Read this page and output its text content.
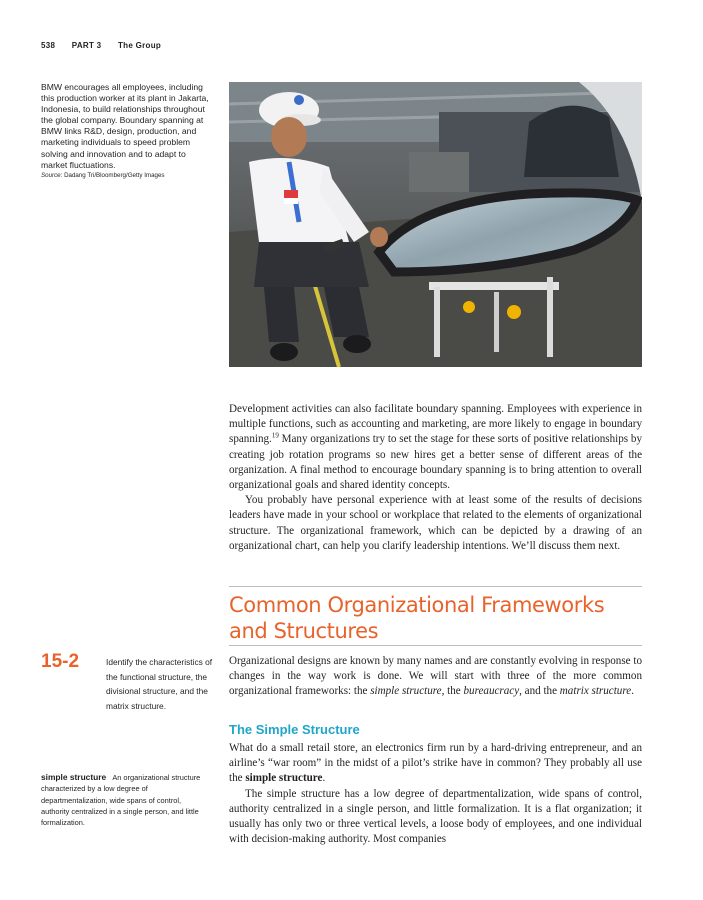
538 PART 3 The Group
BMW encourages all employees, including this production worker at its plant in Jakarta, Indonesia, to build relationships throughout the global company. Boundary spanning at BMW links R&D, design, production, and marketing individuals to speed problem solving and innovation and to adapt to market fluctuations.
Source: Dadang Tri/Bloomberg/Getty Images

Development activities can also facilitate boundary spanning. Employees with experience in multiple functions, such as accounting and marketing, are more likely to engage in boundary spanning.$^{19}$ Many organizations try to set the stage for these sorts of positive relationships by creating job rotation programs so new hires get a better sense of different areas of the organization. A final method to encourage boundary spanning is to bring attention to overall organizational goals and shared identity concepts.

You probably have personal experience with at least some of the results of decisions leaders have made in your school or workplace that related to the elements of organizational structure. The organizational framework, which can be depicted by a drawing of an organizational chart, can help you clarify leadership intentions. We’ll discuss them next.

Common Organizational Frameworks
and Structures
15-2	Identify the characteristics of the functional structure, the divisional structure, and the matrix structure.
Organizational designs are known by many names and are constantly evolving in response to changes in the way work is done. We will start with three of the more common organizational frameworks: the simple structure, the bureaucracy, and the matrix structure.
The Simple Structure

What do a small retail store, an electronics firm run by a hard-driving entrepreneur, and an airline’s “war room” in the midst of a pilot’s strike have in common? They probably all use the simple structure.

The simple structure has a low degree of departmentalization, wide spans of control, authority centralized in a single person, and little formalization. It is a flat organization; it usually has only two or three vertical levels, a loose body of employees, and one individual with decision-making authority. Most companies

simple structure An organizational structure characterized by a low degree of departmentalization, wide spans of control, authority centralized in a single person, and little formalization.
